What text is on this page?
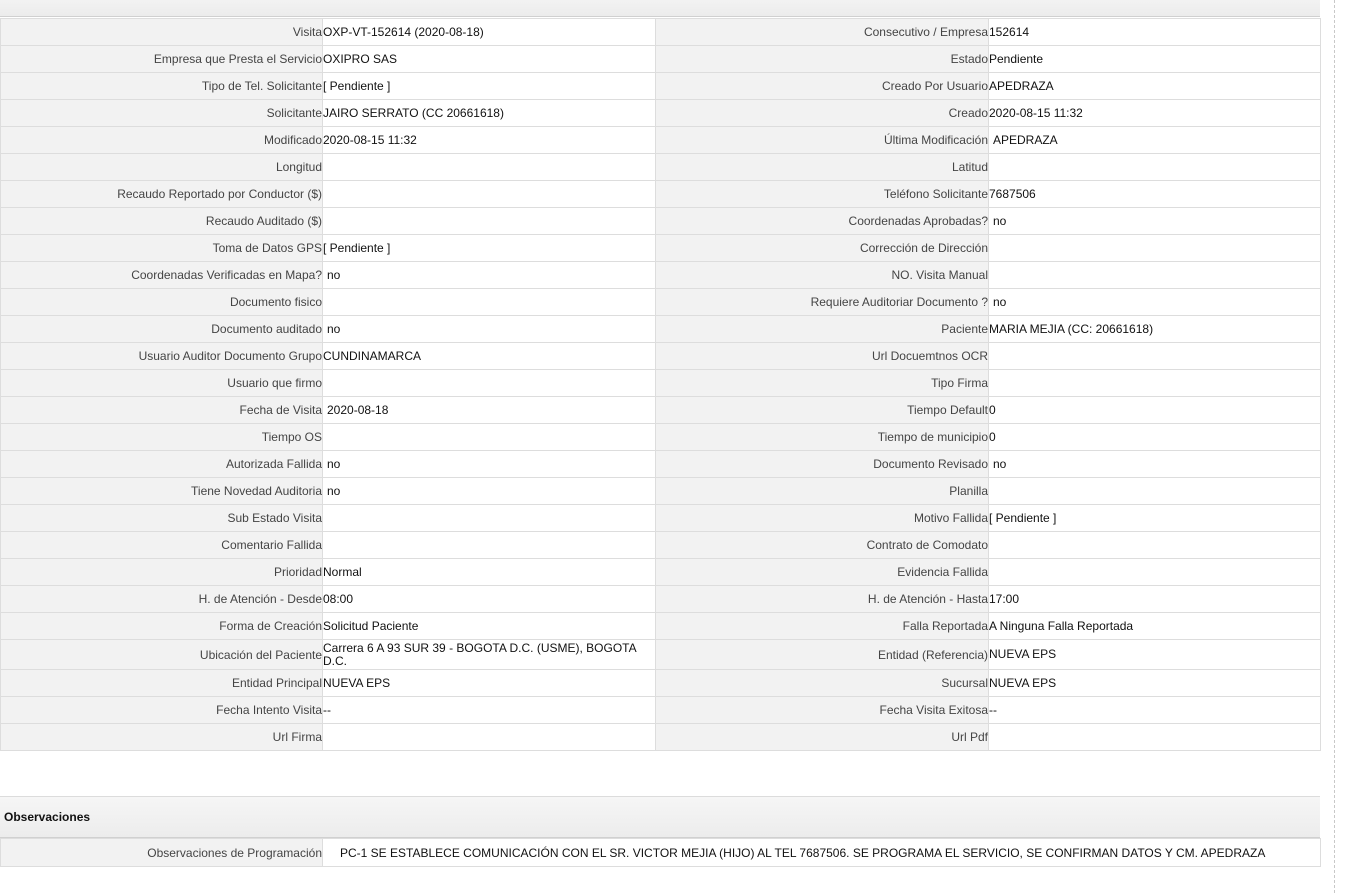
Visita	OXP-VT-152614 (2020-08-18)	Consecutivo / Empresa	152614

Empresa que Presta el Servicio	OXIPRO SAS	Estado	Pendiente

Tipo de Tel. Solicitante	[ Pendiente ]	Creado Por Usuario	APEDRAZA

Solicitante	JAIRO SERRATO (CC 20661618)	Creado	2020-08-15 11:32

Modificado	2020-08-15 11:32	Última Modificación	APEDRAZA

Longitud		Latitud	

Recaudo Reportado por Conductor ($)		Teléfono Solicitante	7687506

Recaudo Auditado ($)		Coordenadas Aprobadas?	no

Toma de Datos GPS	[ Pendiente ]	Corrección de Dirección	

Coordenadas Verificadas en Mapa?	no	NO. Visita Manual	

Documento fisico		Requiere Auditoriar Documento ?	no

Documento auditado	no	Paciente	MARIA MEJIA (CC: 20661618)

Usuario Auditor Documento Grupo	CUNDINAMARCA	Url Docuemtnos OCR	

Usuario que firmo		Tipo Firma	

Fecha de Visita	2020-08-18	Tiempo Default	0

Tiempo OS		Tiempo de municipio	0

Autorizada Fallida	no	Documento Revisado	no

Tiene Novedad Auditoria	no	Planilla	

Sub Estado Visita		Motivo Fallida	[ Pendiente ]

Comentario Fallida		Contrato de Comodato	

Prioridad	Normal	Evidencia Fallida	

H. de Atención - Desde	08:00	H. de Atención - Hasta	17:00

Forma de Creación	Solicitud Paciente	Falla Reportada	A Ninguna Falla Reportada

Ubicación del Paciente	Carrera 6 A 93 SUR 39 - BOGOTA D.C. (USME), BOGOTA D.C.	Entidad (Referencia)	NUEVA EPS

Entidad Principal	NUEVA EPS	Sucursal	NUEVA EPS

Fecha Intento Visita	--	Fecha Visita Exitosa	--

Url Firma		Url Pdf	
Observaciones
Observaciones de Programación	PC-1 SE ESTABLECE COMUNICACIÓN CON EL SR. VICTOR MEJIA (HIJO) AL TEL 7687506. SE PROGRAMA EL SERVICIO, SE CONFIRMAN DATOS Y CM. APEDRAZA
